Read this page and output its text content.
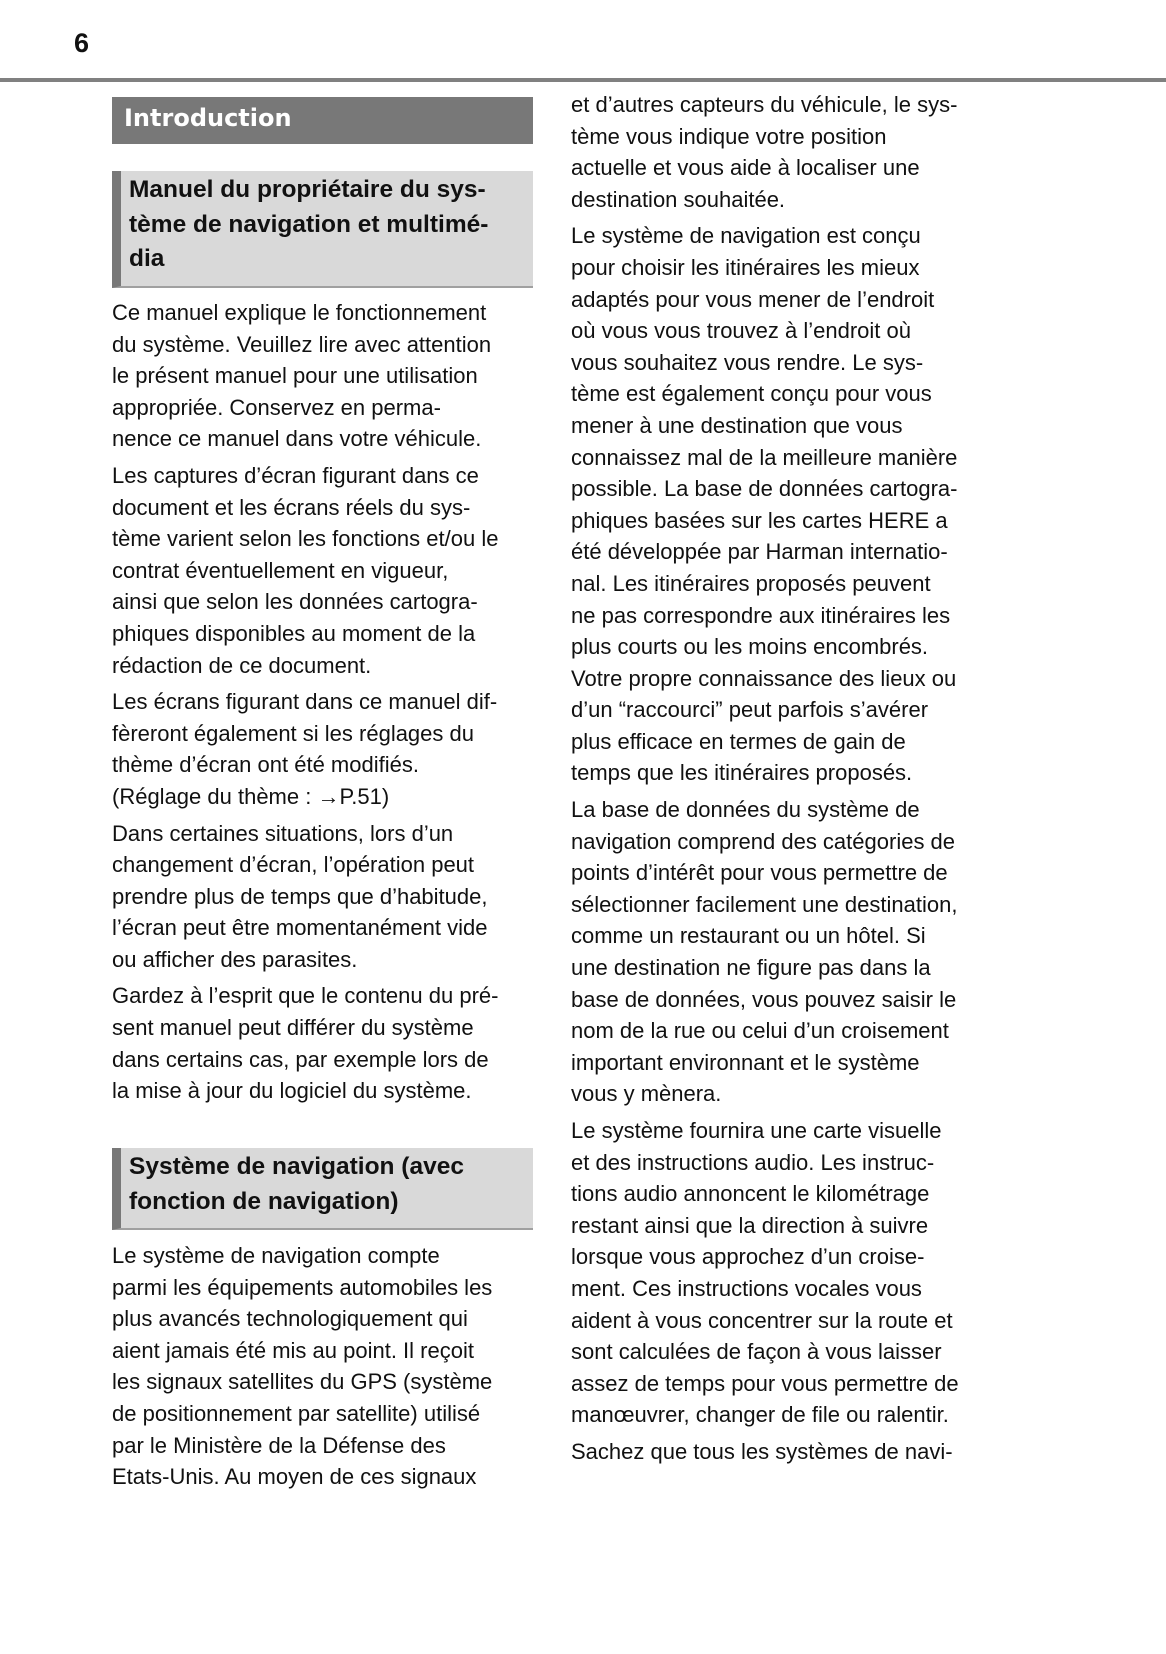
6
Introduction
Manuel du propriétaire du sys-
tème de navigation et multimé-
dia
Ce manuel explique le fonctionnement
du système. Veuillez lire avec attention
le présent manuel pour une utilisation
appropriée. Conservez en perma-
nence ce manuel dans votre véhicule.
Les captures d’écran figurant dans ce
document et les écrans réels du sys-
tème varient selon les fonctions et/ou le
contrat éventuellement en vigueur,
ainsi que selon les données cartogra-
phiques disponibles au moment de la
rédaction de ce document.
Les écrans figurant dans ce manuel dif-
fèreront également si les réglages du
thème d’écran ont été modifiés.
(Réglage du thème : →P.51)
Dans certaines situations, lors d’un
changement d’écran, l’opération peut
prendre plus de temps que d’habitude,
l’écran peut être momentanément vide
ou afficher des parasites.
Gardez à l’esprit que le contenu du pré-
sent manuel peut différer du système
dans certains cas, par exemple lors de
la mise à jour du logiciel du système.
Système de navigation (avec
fonction de navigation)
Le système de navigation compte
parmi les équipements automobiles les
plus avancés technologiquement qui
aient jamais été mis au point. Il reçoit
les signaux satellites du GPS (système
de positionnement par satellite) utilisé
par le Ministère de la Défense des
Etats-Unis. Au moyen de ces signaux
et d’autres capteurs du véhicule, le sys-
tème vous indique votre position
actuelle et vous aide à localiser une
destination souhaitée.
Le système de navigation est conçu
pour choisir les itinéraires les mieux
adaptés pour vous mener de l’endroit
où vous vous trouvez à l’endroit où
vous souhaitez vous rendre. Le sys-
tème est également conçu pour vous
mener à une destination que vous
connaissez mal de la meilleure manière
possible. La base de données cartogra-
phiques basées sur les cartes HERE a
été développée par Harman internatio-
nal. Les itinéraires proposés peuvent
ne pas correspondre aux itinéraires les
plus courts ou les moins encombrés.
Votre propre connaissance des lieux ou
d’un “raccourci” peut parfois s’avérer
plus efficace en termes de gain de
temps que les itinéraires proposés.
La base de données du système de
navigation comprend des catégories de
points d’intérêt pour vous permettre de
sélectionner facilement une destination,
comme un restaurant ou un hôtel. Si
une destination ne figure pas dans la
base de données, vous pouvez saisir le
nom de la rue ou celui d’un croisement
important environnant et le système
vous y mènera.
Le système fournira une carte visuelle
et des instructions audio. Les instruc-
tions audio annoncent le kilométrage
restant ainsi que la direction à suivre
lorsque vous approchez d’un croise-
ment. Ces instructions vocales vous
aident à vous concentrer sur la route et
sont calculées de façon à vous laisser
assez de temps pour vous permettre de
manœuvrer, changer de file ou ralentir.
Sachez que tous les systèmes de navi-
